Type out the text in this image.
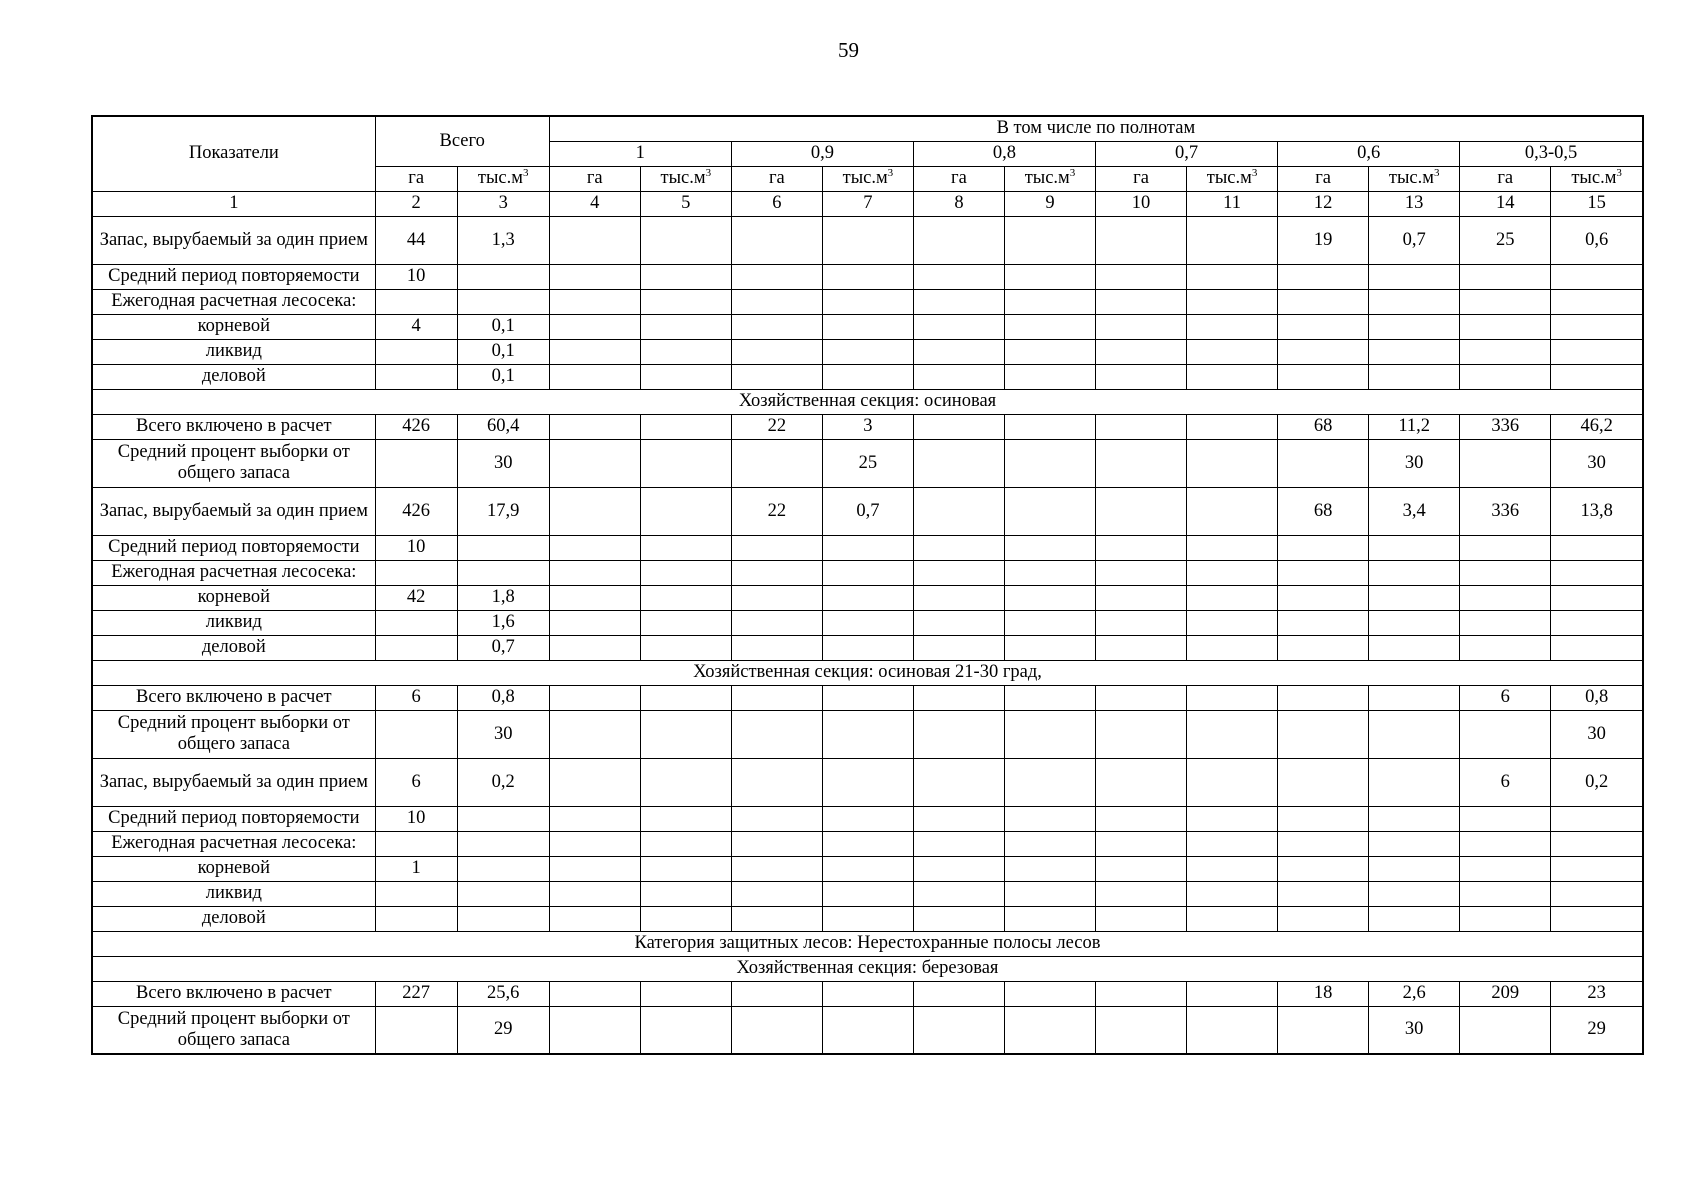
59
Показатели	Всего		В том числе по полнотам											
			1		0,9		0,8		0,7		0,6		0,3-0,5	
	га	$тыс.м^3$	га	$тыс.м^3$	га	$тыс.м^3$	га	$тыс.м^3$	га	$тыс.м^3$	га	$тыс.м^3$	га	$тыс.м^3$
1	2	3	4	5	6	7	8	9	10	11	12	13	14	15
Запас, вырубаемый за один прием	44	1,3									19	0,7	25	0,6
Средний период повторяемости	10													
Ежегодная расчетная лесосека:														
корневой	4	0,1												
ликвид		0,1												
деловой		0,1												
Хозяйственная секция: осиновая														
Всего включено в расчет	426	60,4			22	3					68	11,2	336	46,2
Средний процент выборки от общего запаса		30				25						30		30
Запас, вырубаемый за один прием	426	17,9			22	0,7					68	3,4	336	13,8
Средний период повторяемости	10													
Ежегодная расчетная лесосека:														
корневой	42	1,8												
ликвид		1,6												
деловой		0,7												
Хозяйственная секция: осиновая 21-30 град,														
Всего включено в расчет	6	0,8											6	0,8
Средний процент выборки от общего запаса		30												30
Запас, вырубаемый за один прием	6	0,2											6	0,2
Средний период повторяемости	10													
Ежегодная расчетная лесосека:														
корневой	1													
ликвид														
деловой														
Категория защитных лесов: Нерестохранные полосы лесов														
Хозяйственная секция: березовая														
Всего включено в расчет	227	25,6									18	2,6	209	23
Средний процент выборки от общего запаса		29										30		29
